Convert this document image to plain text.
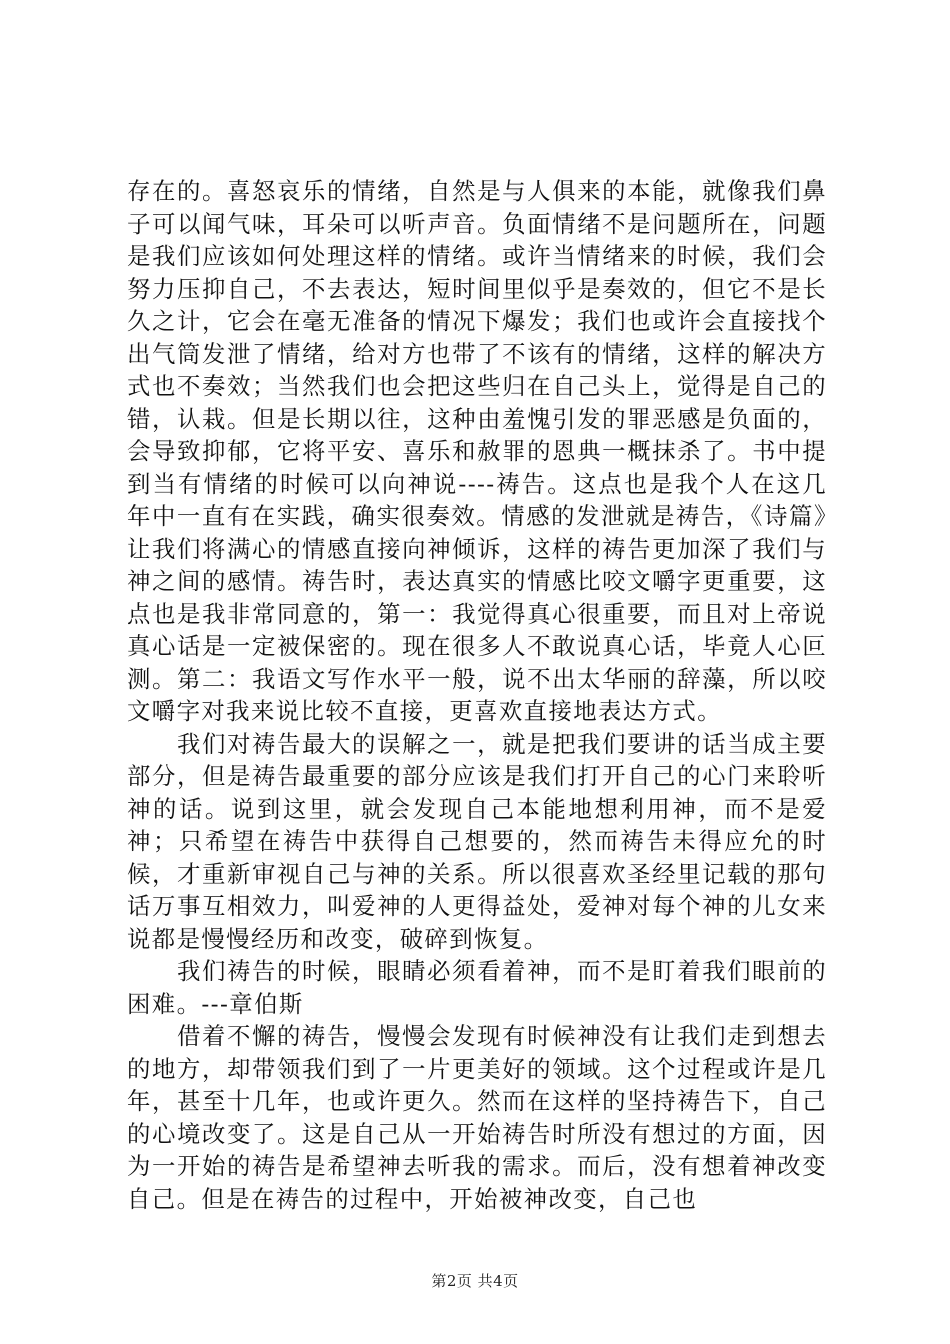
存在的。喜怒哀乐的情绪，自然是与人俱来的本能，就像我们鼻子可以闻气味，耳朵可以听声音。负面情绪不是问题所在，问题是我们应该如何处理这样的情绪。或许当情绪来的时候，我们会努力压抑自己，不去表达，短时间里似乎是奏效的，但它不是长久之计，它会在毫无准备的情况下爆发；我们也或许会直接找个出气筒发泄了情绪，给对方也带了不该有的情绪，这样的解决方式也不奏效；当然我们也会把这些归在自己头上，觉得是自己的错，认栽。但是长期以往，这种由羞愧引发的罪恶感是负面的，会导致抑郁，它将平安、喜乐和赦罪的恩典一概抹杀了。书中提到当有情绪的时候可以向神说----祷告。这点也是我个人在这几年中一直有在实践，确实很奏效。情感的发泄就是祷告，《诗篇》让我们将满心的情感直接向神倾诉，这样的祷告更加深了我们与神之间的感情。祷告时，表达真实的情感比咬文嚼字更重要，这点也是我非常同意的，第一：我觉得真心很重要，而且对上帝说真心话是一定被保密的。现在很多人不敢说真心话，毕竟人心叵测。第二：我语文写作水平一般，说不出太华丽的辞藻，所以咬文嚼字对我来说比较不直接，更喜欢直接地表达方式。

我们对祷告最大的误解之一，就是把我们要讲的话当成主要部分，但是祷告最重要的部分应该是我们打开自己的心门来聆听神的话。说到这里，就会发现自己本能地想利用神，而不是爱神；只希望在祷告中获得自己想要的，然而祷告未得应允的时候，才重新审视自己与神的关系。所以很喜欢圣经里记载的那句话万事互相效力，叫爱神的人更得益处，爱神对每个神的儿女来说都是慢慢经历和改变，破碎到恢复。

我们祷告的时候，眼睛必须看着神，而不是盯着我们眼前的困难。---章伯斯

借着不懈的祷告，慢慢会发现有时候神没有让我们走到想去的地方，却带领我们到了一片更美好的领域。这个过程或许是几年，甚至十几年，也或许更久。然而在这样的坚持祷告下，自己的心境改变了。这是自己从一开始祷告时所没有想过的方面，因为一开始的祷告是希望神去听我的需求。而后，没有想着神改变自己。但是在祷告的过程中，开始被神改变，自己也

第2页 共4页
